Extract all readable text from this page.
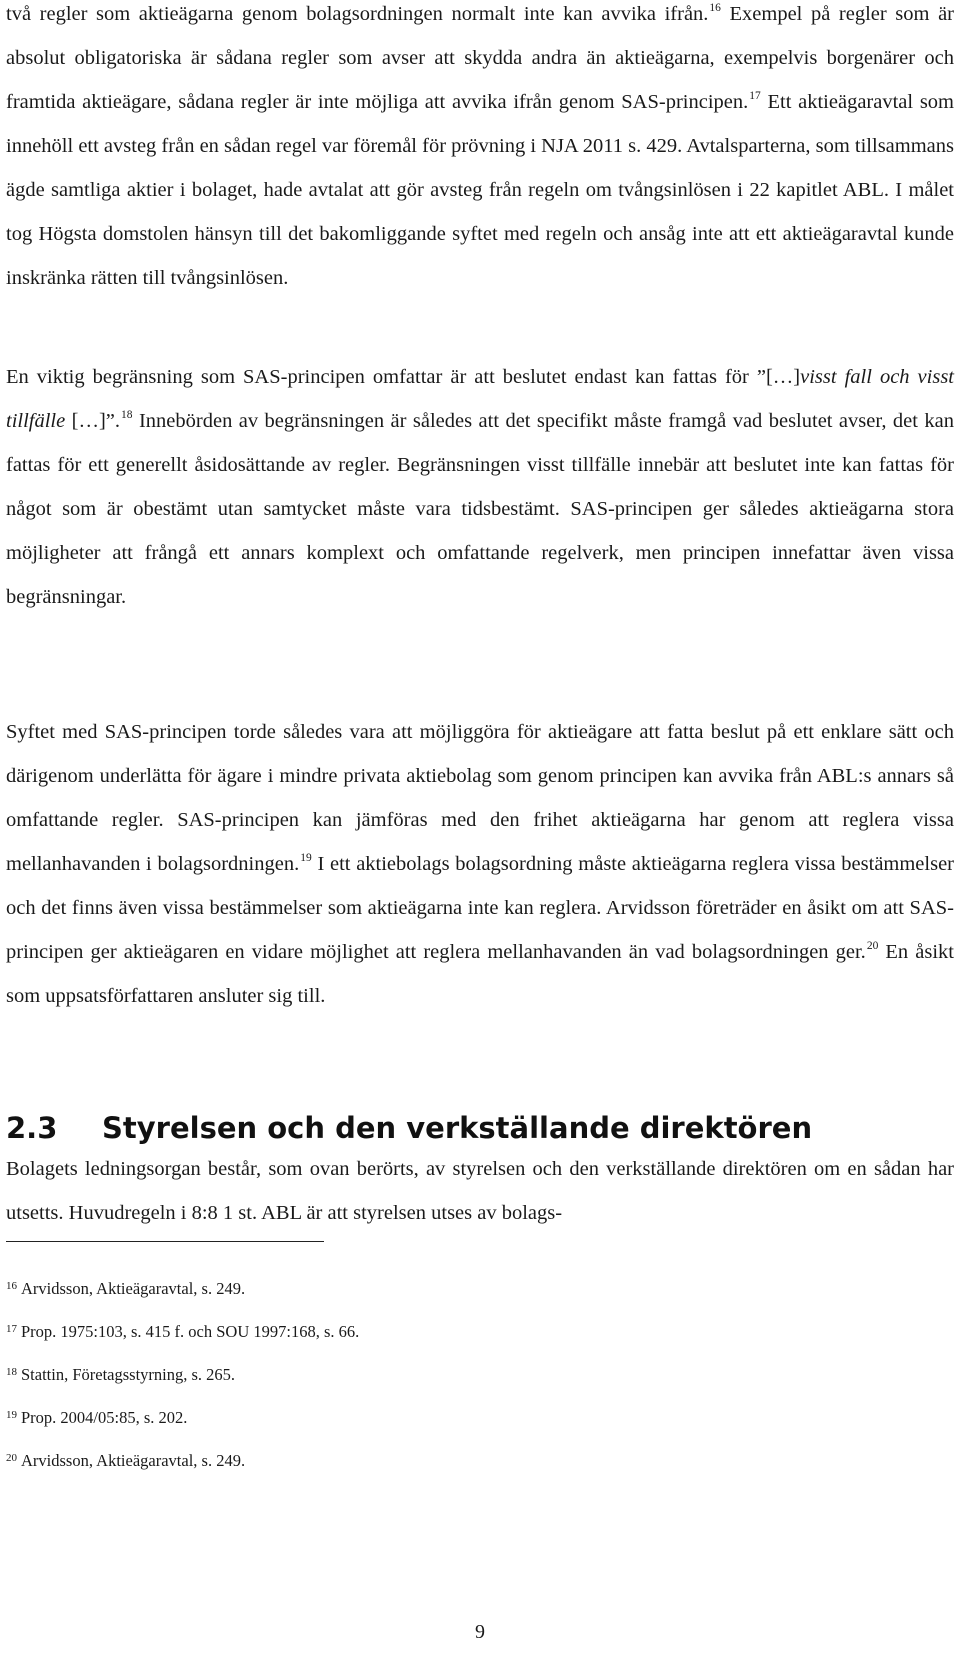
två regler som aktieägarna genom bolagsordningen normalt inte kan avvika ifrån.$^{16}$ Exempel på regler som är absolut obligatoriska är sådana regler som avser att skydda andra än aktieägarna, exempelvis borgenärer och framtida aktieägare, sådana regler är inte möjliga att avvika ifrån genom SAS-principen.$^{17}$ Ett aktieägaravtal som innehöll ett avsteg från en sådan regel var föremål för prövning i NJA 2011 s. 429. Avtalsparterna, som tillsammans ägde samtliga aktier i bolaget, hade avtalat att gör avsteg från regeln om tvångsinlösen i 22 kapitlet ABL. I målet tog Högsta domstolen hänsyn till det bakomliggande syftet med regeln och ansåg inte att ett aktieägaravtal kunde inskränka rätten till tvångsinlösen.

En viktig begränsning som SAS-principen omfattar är att beslutet endast kan fattas för ”[…]visst fall och visst tillfälle […]”.$^{18}$ Innebörden av begränsningen är således att det specifikt måste framgå vad beslutet avser, det kan fattas för ett generellt åsidosättande av regler. Begränsningen visst tillfälle innebär att beslutet inte kan fattas för något som är obestämt utan samtycket måste vara tidsbestämt. SAS-principen ger således aktieägarna stora möjligheter att frångå ett annars komplext och omfattande regelverk, men principen innefattar även vissa begränsningar.

Syftet med SAS-principen torde således vara att möjliggöra för aktieägare att fatta beslut på ett enklare sätt och därigenom underlätta för ägare i mindre privata aktiebolag som genom principen kan avvika från ABL:s annars så omfattande regler. SAS-principen kan jämföras med den frihet aktieägarna har genom att reglera vissa mellanhavanden i bolagsordningen.$^{19}$ I ett aktiebolags bolagsordning måste aktieägarna reglera vissa bestämmelser och det finns även vissa bestämmelser som aktieägarna inte kan reglera. Arvidsson företräder en åsikt om att SAS-principen ger aktieägaren en vidare möjlighet att reglera mellanhavanden än vad bolagsordningen ger.$^{20}$ En åsikt som uppsatsförfattaren ansluter sig till.

2.3 Styrelsen och den verkställande direktören

Bolagets ledningsorgan består, som ovan berörts, av styrelsen och den verkställande direktören om en sådan har utsetts. Huvudregeln i 8:8 1 st. ABL är att styrelsen utses av bolags-

$^{16}$ Arvidsson, Aktieägaravtal, s. 249.

$^{17}$ Prop. 1975:103, s. 415 f. och SOU 1997:168, s. 66.

$^{18}$ Stattin, Företagsstyrning, s. 265.

$^{19}$ Prop. 2004/05:85, s. 202.

$^{20}$ Arvidsson, Aktieägaravtal, s. 249.

9
